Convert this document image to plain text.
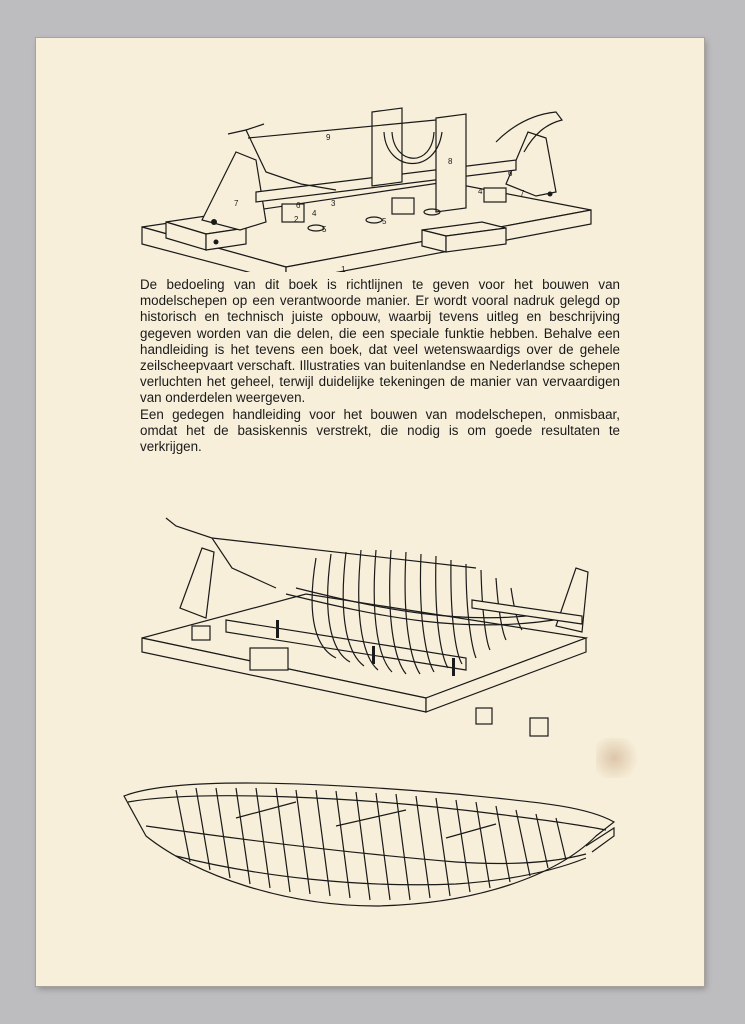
1
2
3
4
4
5
5
6
6
7
7
8
9

De bedoeling van dit boek is richtlijnen te geven voor het bouwen van modelschepen op een verantwoorde manier. Er wordt vooral nadruk gelegd op historisch en technisch juiste opbouw, waarbij tevens uitleg en beschrijving gegeven worden van die delen, die een speciale funktie hebben. Behalve een handleiding is het tevens een boek, dat veel wetenswaardigs over de gehele zeilscheepvaart verschaft. Illustraties van buitenlandse en Nederlandse schepen verluchten het geheel, terwijl duidelijke tekeningen de manier van vervaardigen van onderdelen weergeven.

Een gedegen handleiding voor het bouwen van modelschepen, onmisbaar, omdat het de basiskennis verstrekt, die nodig is om goede resultaten te verkrijgen.
